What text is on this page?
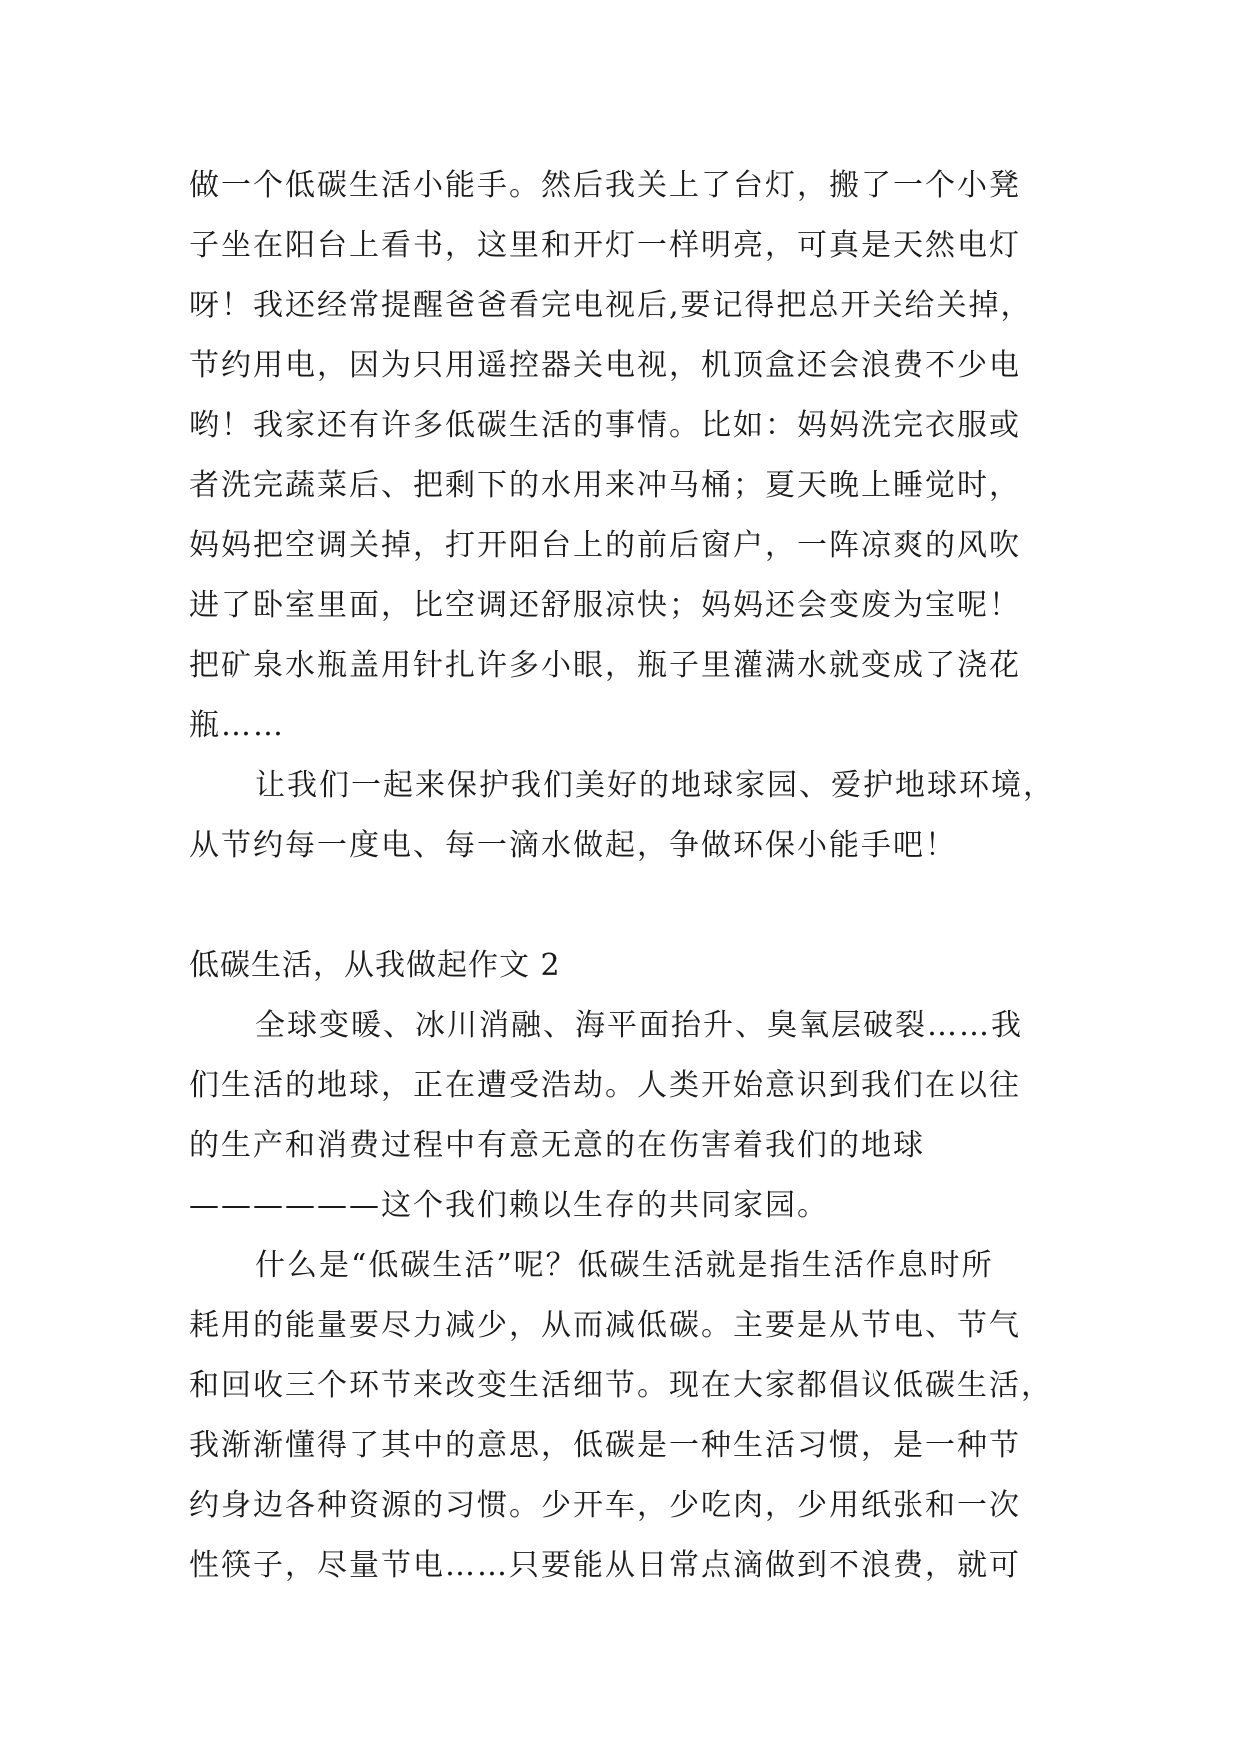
做一个低碳生活小能手。然后我关上了台灯，搬了一个小凳
子坐在阳台上看书，这里和开灯一样明亮，可真是天然电灯
呀！我还经常提醒爸爸看完电视后,要记得把总开关给关掉，
节约用电，因为只用遥控器关电视，机顶盒还会浪费不少电
哟！我家还有许多低碳生活的事情。比如：妈妈洗完衣服或
者洗完蔬菜后、把剩下的水用来冲马桶；夏天晚上睡觉时，
妈妈把空调关掉，打开阳台上的前后窗户，一阵凉爽的风吹
进了卧室里面，比空调还舒服凉快；妈妈还会变废为宝呢！
把矿泉水瓶盖用针扎许多小眼，瓶子里灌满水就变成了浇花
瓶……
让我们一起来保护我们美好的地球家园、爱护地球环境，
从节约每一度电、每一滴水做起，争做环保小能手吧！
低碳生活，从我做起作文 2
全球变暖、冰川消融、海平面抬升、臭氧层破裂……我
们生活的地球，正在遭受浩劫。人类开始意识到我们在以往
的生产和消费过程中有意无意的在伤害着我们的地球
——————这个我们赖以生存的共同家园。
什么是“低碳生活”呢？低碳生活就是指生活作息时所
耗用的能量要尽力减少，从而减低碳。主要是从节电、节气
和回收三个环节来改变生活细节。现在大家都倡议低碳生活，
我渐渐懂得了其中的意思，低碳是一种生活习惯，是一种节
约身边各种资源的习惯。少开车，少吃肉，少用纸张和一次
性筷子，尽量节电……只要能从日常点滴做到不浪费，就可
